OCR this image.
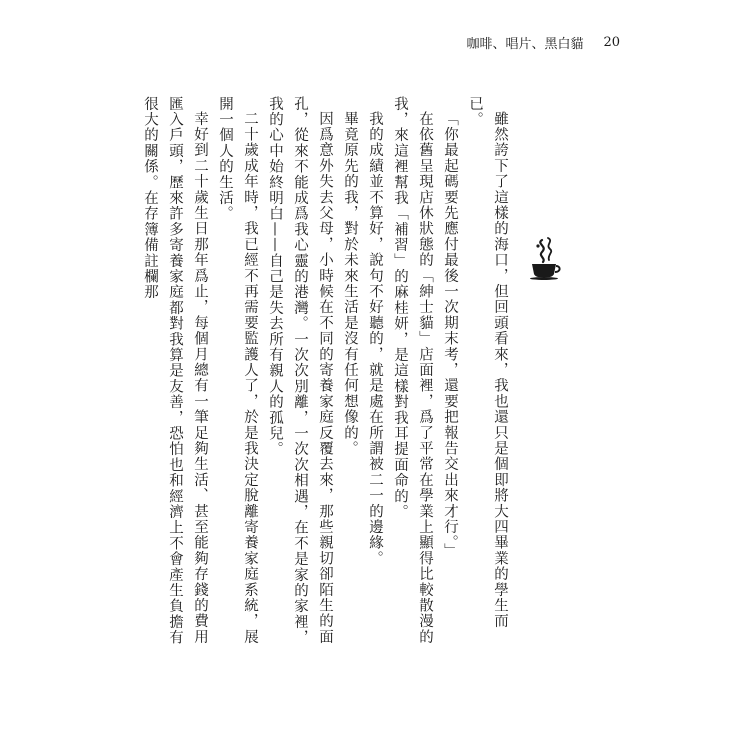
咖啡、唱片、黑白貓 20

雖然誇下了這樣的海口，但回頭看來，我也還只是個即將大四畢業的學生而已。

「你最起碼要先應付最後一次期末考，還要把報告交出來才行。」

在依舊呈現店休狀態的「紳士貓」店面裡，爲了平常在學業上顯得比較散漫的我，來這裡幫我「補習」的麻桂妍，是這樣對我耳提面命的。

我的成績並不算好，說句不好聽的，就是處在所謂被二一的邊緣。

畢竟原先的我，對於未來生活是沒有任何想像的。

因爲意外失去父母，小時候在不同的寄養家庭反覆去來，那些親切卻陌生的面孔，從來不能成爲我心靈的港灣。一次次別離，一次次相遇，在不是家的家裡，我的心中始終明白——自己是失去所有親人的孤兒。

二十歲成年時，我已經不再需要監護人了，於是我決定脫離寄養家庭系統，展開一個人的生活。

幸好到二十歲生日那年爲止，每個月總有一筆足夠生活、甚至能夠存錢的費用匯入戶頭，歷來許多寄養家庭都對我算是友善，恐怕也和經濟上不會產生負擔有很大的關係。在存簿備註欄那
